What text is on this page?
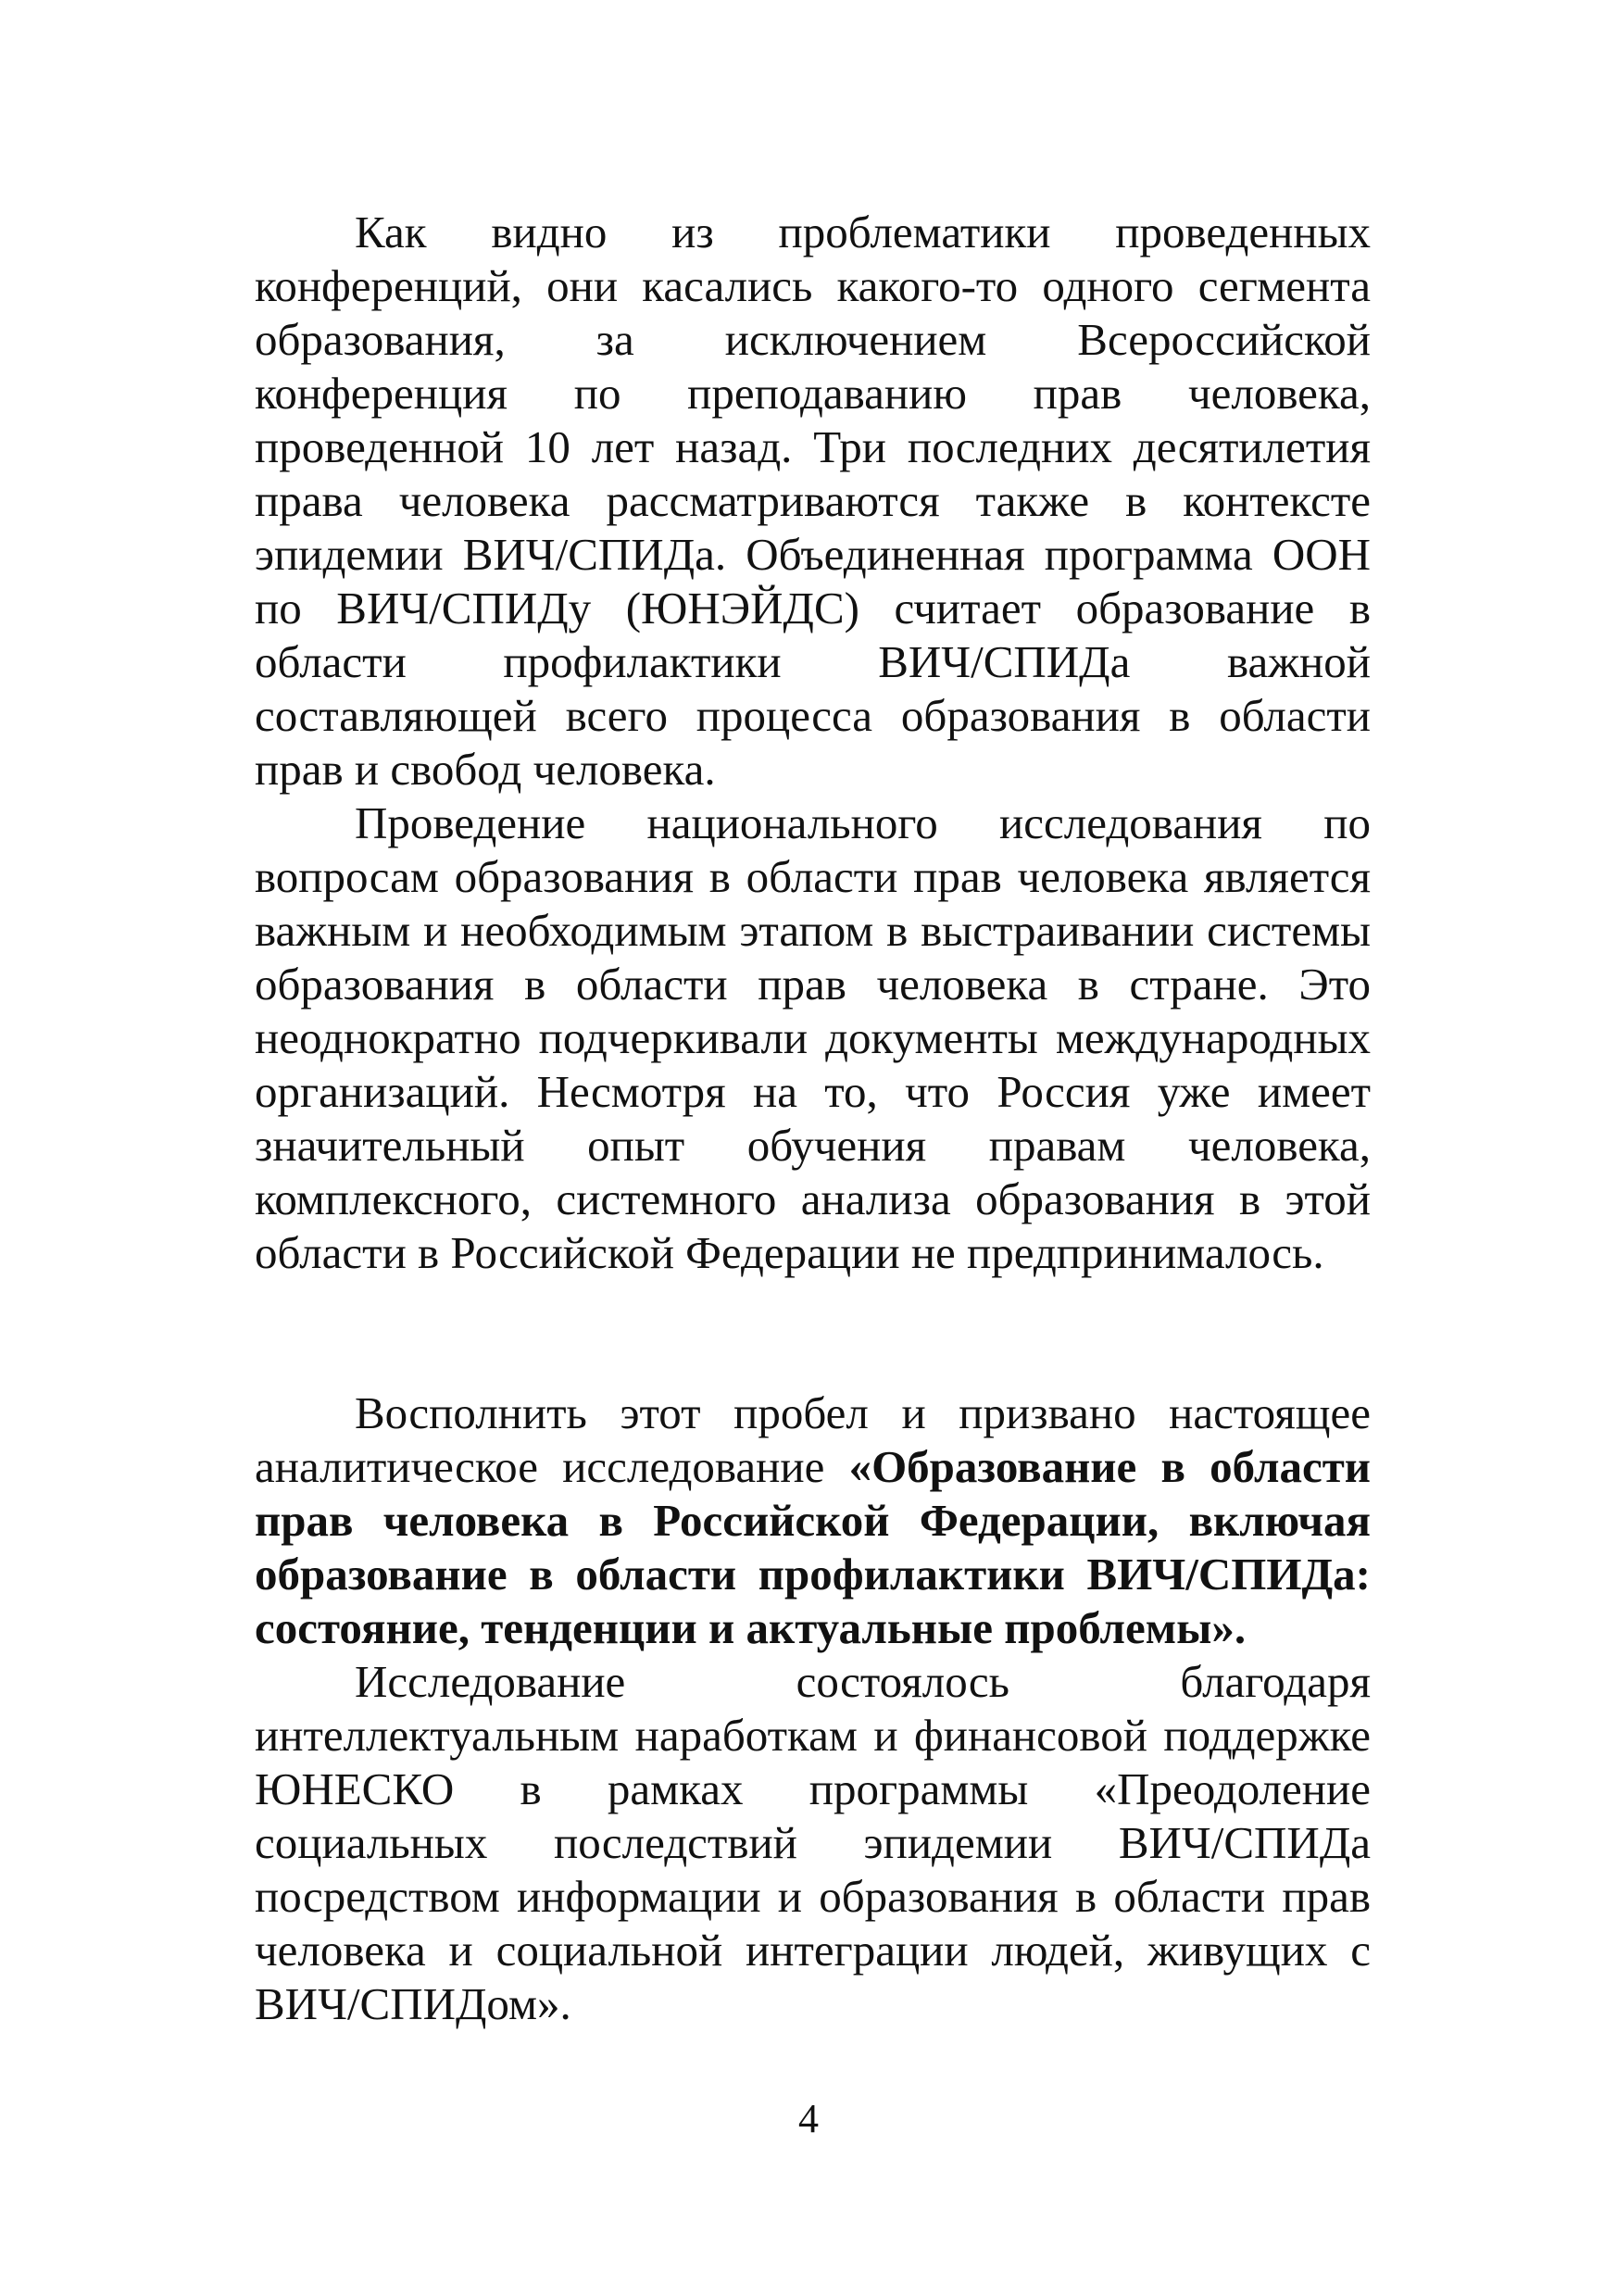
Как видно из проблематики проведенных конференций, они касались какого-то одного сегмента образования, за исключением Всероссийской конференция по преподаванию прав человека, проведенной 10 лет назад. Три последних десятилетия права человека рассматриваются также в контексте эпидемии ВИЧ/СПИДа. Объединенная программа ООН по ВИЧ/СПИДу (ЮНЭЙДС) считает образование в области профилактики ВИЧ/СПИДа важной составляющей всего процесса образования в области прав и свобод человека.

Проведение национального исследования по вопросам образования в области прав человека является важным и необходимым этапом в выстраивании системы образования в области прав человека в стране. Это неоднократно подчеркивали документы международных организаций. Несмотря на то, что Россия уже имеет значительный опыт обучения правам человека, комплексного, системного анализа образования в этой области в Российской Федерации не предпринималось.

Восполнить этот пробел и призвано настоящее аналитическое исследование «Образование в области прав человека в Российской Федерации, включая образование в области профилактики ВИЧ/СПИДа: состояние, тенденции и актуальные проблемы».

Исследование состоялось благодаря интеллектуальным наработкам и финансовой поддержке ЮНЕСКО в рамках программы «Преодоление социальных последствий эпидемии ВИЧ/СПИДа посредством информации и образования в области прав человека и социальной интеграции людей, живущих с ВИЧ/СПИДом».

4
